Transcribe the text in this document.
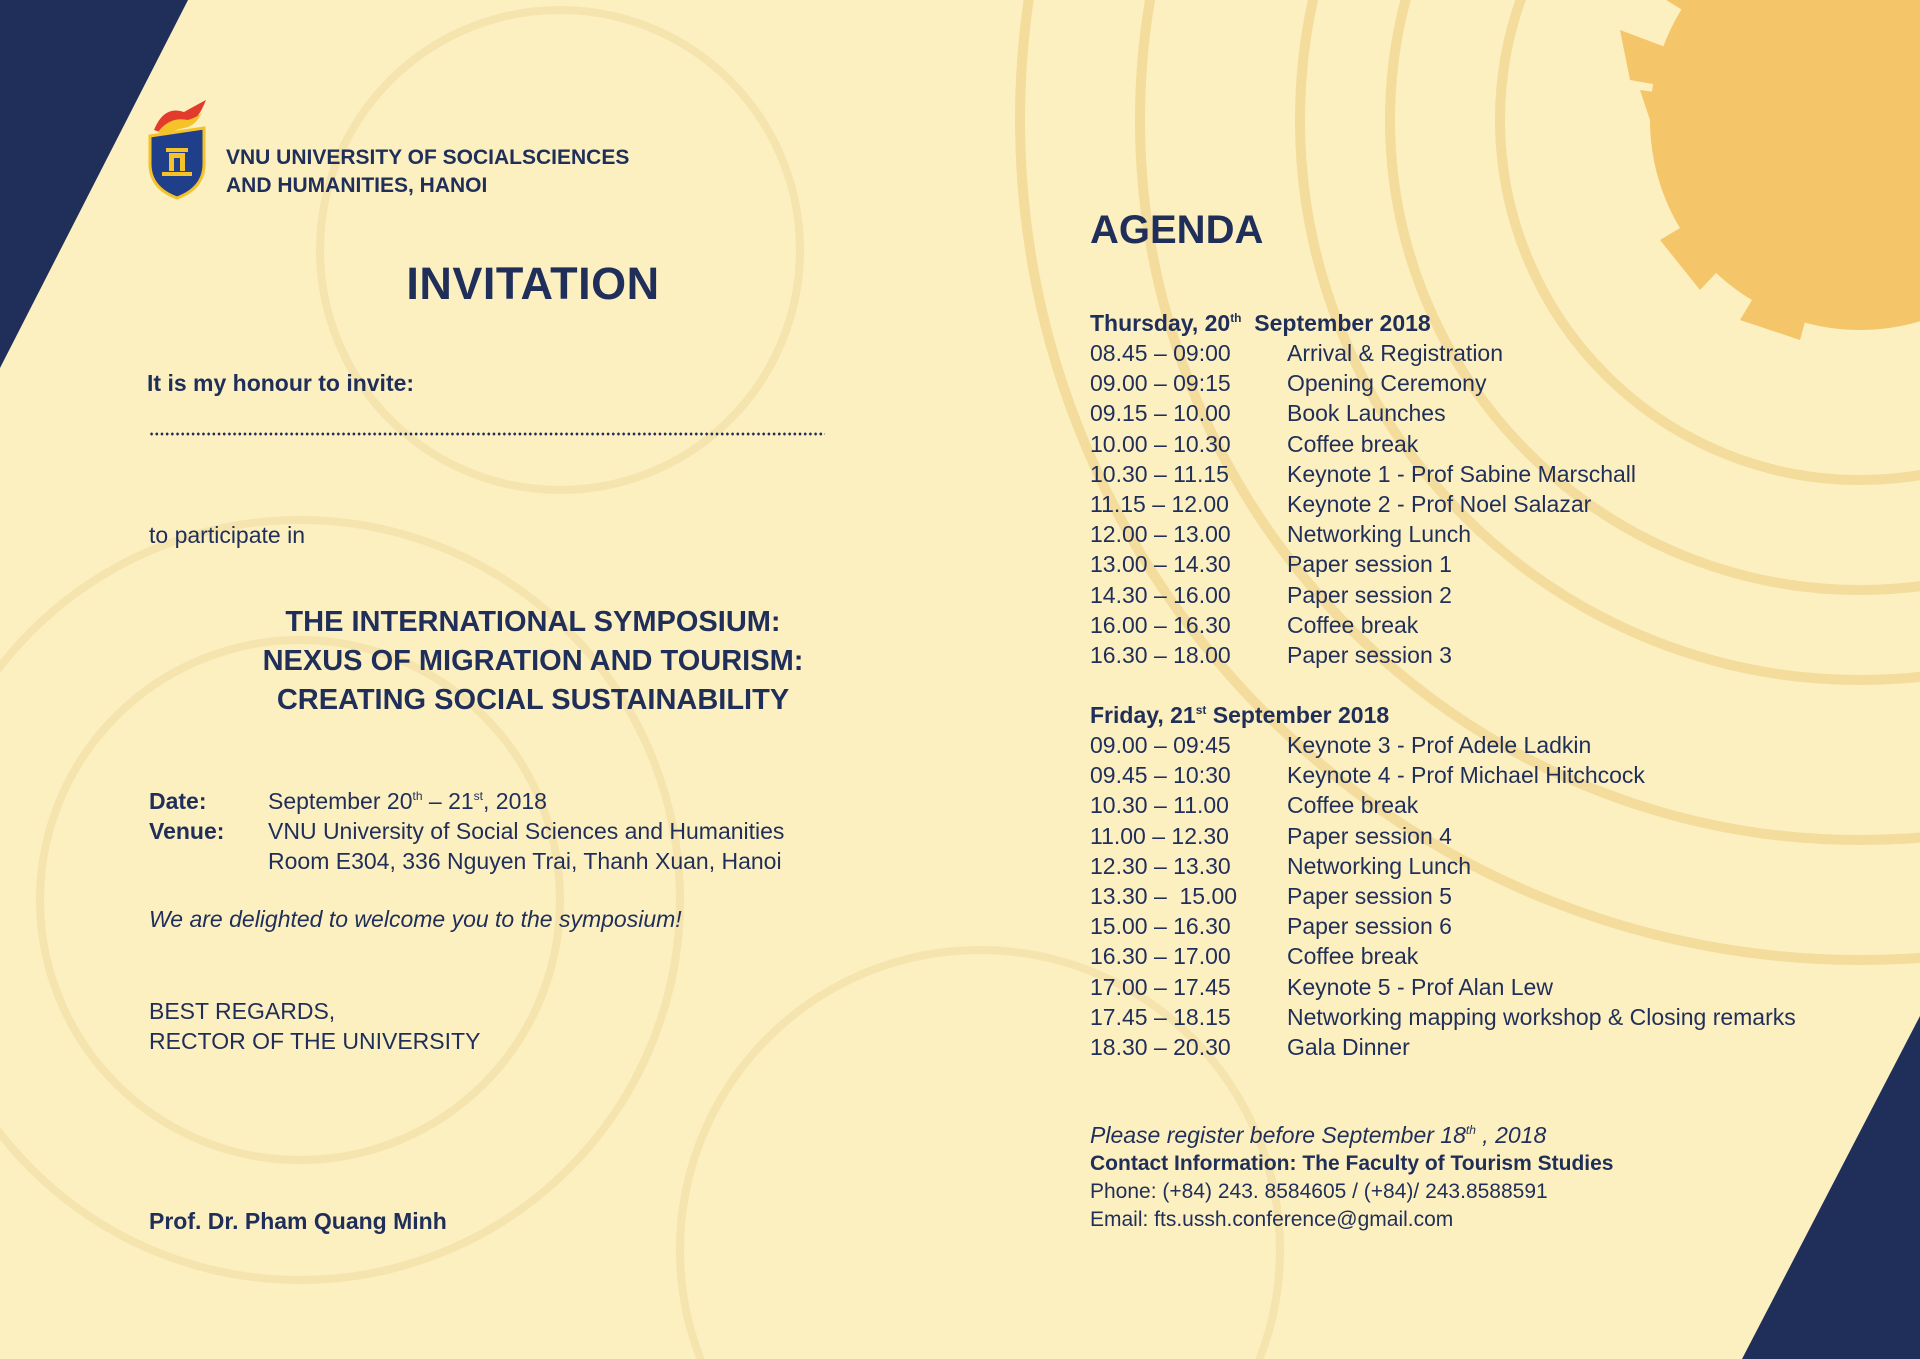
VNU UNIVERSITY OF SOCIALSCIENCES
AND HUMANITIES, HANOI
INVITATION
It is my honour to invite:
to participate in
THE INTERNATIONAL SYMPOSIUM:
NEXUS OF MIGRATION AND TOURISM:
CREATING SOCIAL SUSTAINABILITY
Date:	September 20th – 21st, 2018
Venue:	VNU University of Social Sciences and Humanities
Room E304, 336 Nguyen Trai, Thanh Xuan, Hanoi
We are delighted to welcome you to the symposium!
BEST REGARDS,
RECTOR OF THE UNIVERSITY
Prof. Dr. Pham Quang Minh
AGENDA
Thursday, 20th  September 2018
08.45 – 09:00	Arrival & Registration
09.00 – 09:15	Opening Ceremony
09.15 – 10.00	Book Launches
10.00 – 10.30	Coffee break
10.30 – 11.15	Keynote 1 - Prof Sabine Marschall
11.15 – 12.00	Keynote 2 - Prof Noel Salazar
12.00 – 13.00	Networking Lunch
13.00 – 14.30	Paper session 1
14.30 – 16.00	Paper session 2
16.00 – 16.30	Coffee break
16.30 – 18.00	Paper session 3
Friday, 21st September 2018
09.00 – 09:45	Keynote 3 - Prof Adele Ladkin
09.45 – 10:30	Keynote 4 - Prof Michael Hitchcock
10.30 – 11.00	Coffee break
11.00 – 12.30	Paper session 4
12.30 – 13.30	Networking Lunch
13.30 –  15.00	Paper session 5
15.00 – 16.30	Paper session 6
16.30 – 17.00	Coffee break
17.00 – 17.45	Keynote 5 - Prof Alan Lew
17.45 – 18.15	Networking mapping workshop & Closing remarks
18.30 – 20.30	Gala Dinner
Please register before September 18th , 2018
Contact Information: The Faculty of Tourism Studies
Phone: (+84) 243. 8584605 / (+84)/ 243.8588591
Email: fts.ussh.conference@gmail.com
